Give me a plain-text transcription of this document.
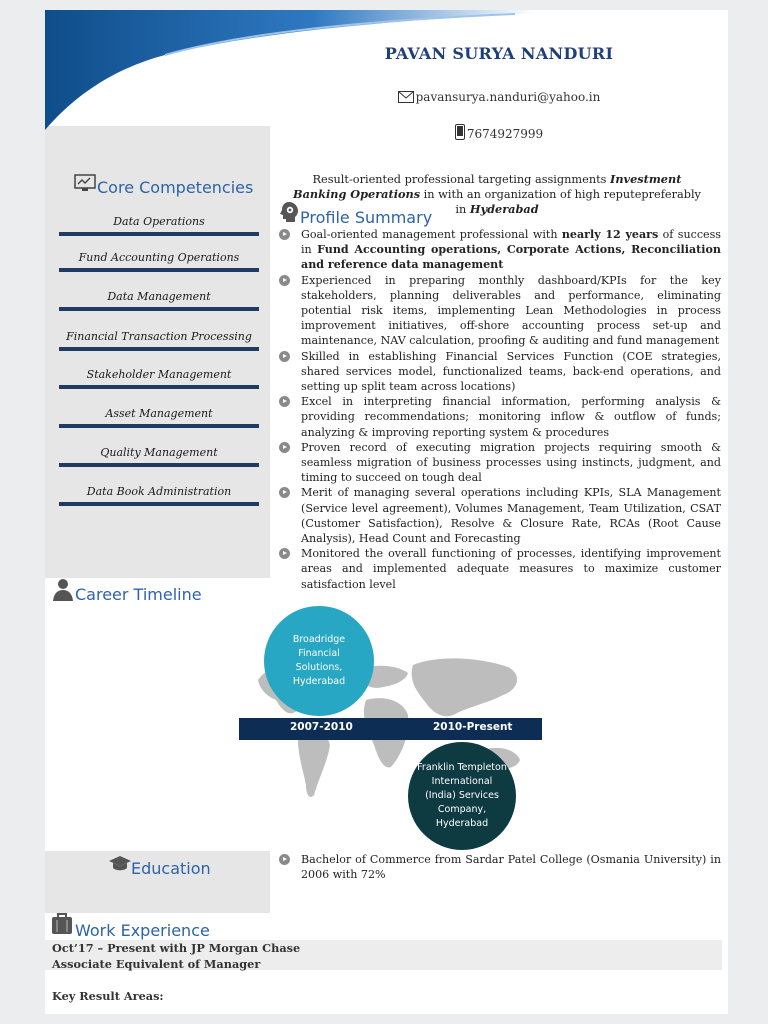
PAVAN SURYA NANDURI
pavansurya.nanduri@yahoo.in
7674927999
Result-oriented professional targeting assignments Investment Banking Operations in with an organization of high reputepreferably in Hyderabad
Core Competencies
Data Operations
Fund Accounting Operations
Data Management
Financial Transaction Processing
Stakeholder Management
Asset Management
Quality Management
Data Book Administration
Profile Summary
Goal-oriented management professional with nearly 12 years of success in Fund Accounting operations, Corporate Actions, Reconciliation and reference data management
Experienced in preparing monthly dashboard/KPIs for the key stakeholders, planning deliverables and performance, eliminating potential risk items, implementing Lean Methodologies in process improvement initiatives, off-shore accounting process set-up and maintenance, NAV calculation, proofing & auditing and fund management
Skilled in establishing Financial Services Function (COE strategies, shared services model, functionalized teams, back-end operations, and setting up split team across locations)
Excel in interpreting financial information, performing analysis & providing recommendations; monitoring inflow & outflow of funds; analyzing & improving reporting system & procedures
Proven record of executing migration projects requiring smooth & seamless migration of business processes using instincts, judgment, and timing to succeed on tough deal
Merit of managing several operations including KPIs, SLA Management (Service level agreement), Volumes Management, Team Utilization, CSAT (Customer Satisfaction), Resolve & Closure Rate, RCAs (Root Cause Analysis), Head Count and Forecasting
Monitored the overall functioning of processes, identifying improvement areas and implemented adequate measures to maximize customer satisfaction level
Career Timeline
2007-2010	2010-Present
Broadridge Financial Solutions, Hyderabad
Franklin Templeton International (India) Services Company, Hyderabad
Education	Bachelor of Commerce from Sardar Patel College (Osmania University) in 2006 with 72%
Work Experience
Oct’17 – Present with JP Morgan Chase
Associate Equivalent of Manager
Key Result Areas:
